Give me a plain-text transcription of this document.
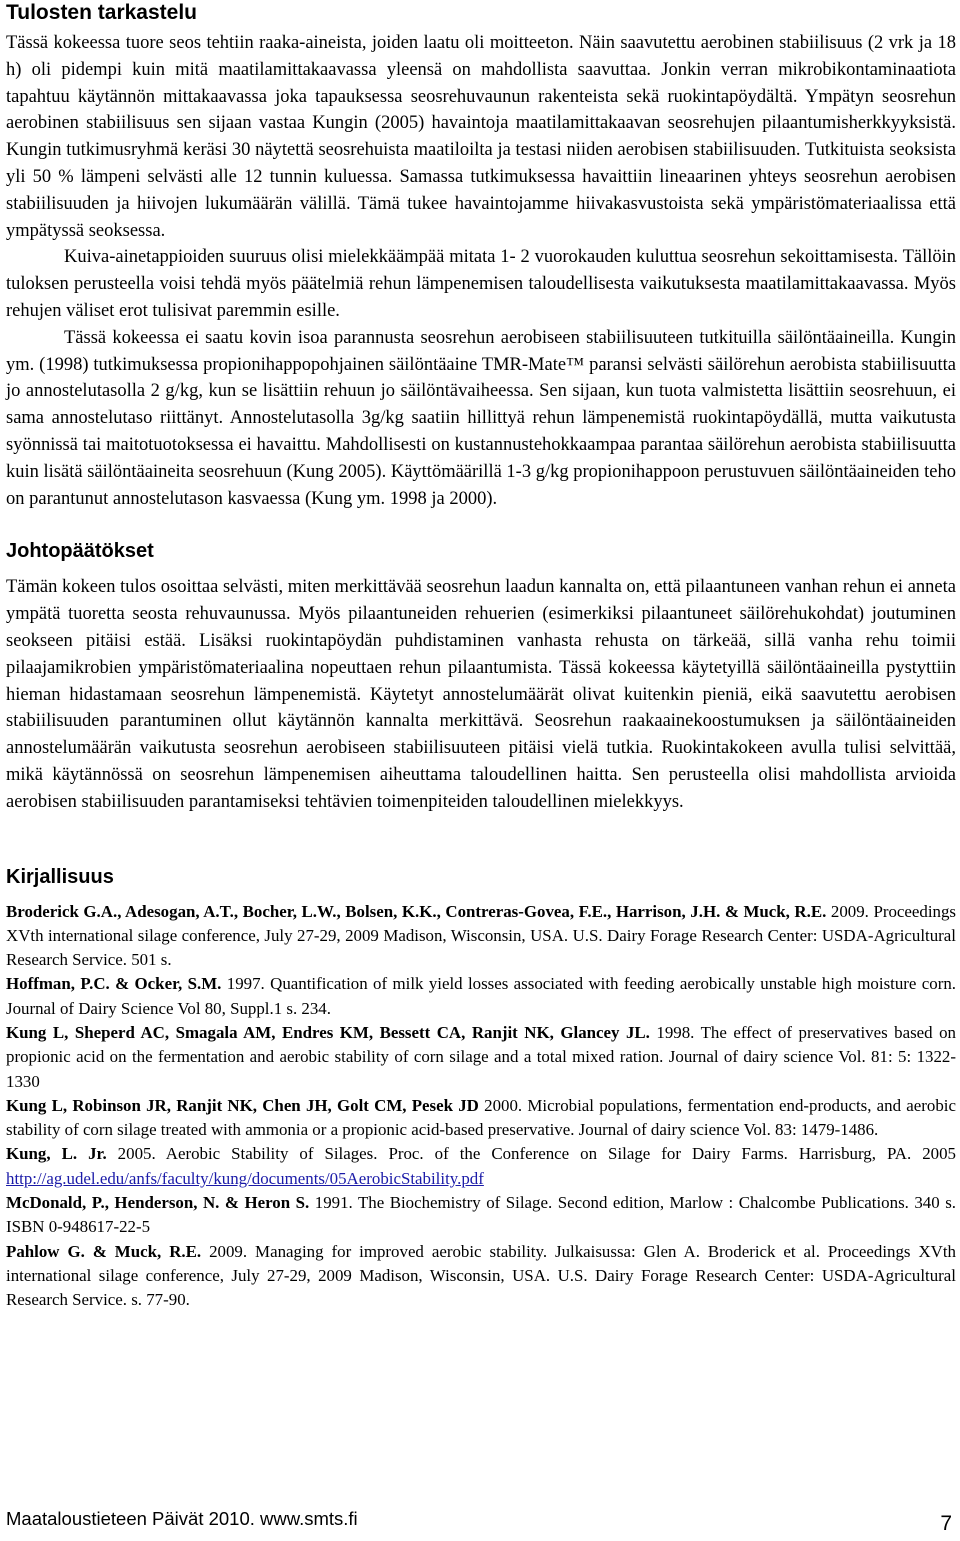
Tulosten tarkastelu

Tässä kokeessa tuore seos tehtiin raaka-aineista, joiden laatu oli moitteeton. Näin saavutettu aerobinen stabiilisuus (2 vrk ja 18 h) oli pidempi kuin mitä maatilamittakaavassa yleensä on mahdollista saavuttaa. Jonkin verran mikrobikontaminaatiota tapahtuu käytännön mittakaavassa joka tapauksessa seosrehuvaunun rakenteista sekä ruokintapöydältä. Ympätyn seosrehun aerobinen stabiilisuus sen sijaan vastaa Kungin (2005) havaintoja maatilamittakaavan seosrehujen pilaantumisherkkyyksistä. Kungin tutkimusryhmä keräsi 30 näytettä seosrehuista maatiloilta ja testasi niiden aerobisen stabiilisuuden. Tutkituista seoksista yli 50 % lämpeni selvästi alle 12 tunnin kuluessa. Samassa tutkimuksessa havaittiin lineaarinen yhteys seosrehun aerobisen stabiilisuuden ja hiivojen lukumäärän välillä. Tämä tukee havaintojamme hiivakasvustoista sekä ympäristömateriaalissa että ympätyssä seoksessa.

Kuiva-ainetappioiden suuruus olisi mielekkäämpää mitata 1- 2 vuorokauden kuluttua seosrehun sekoittamisesta. Tällöin tuloksen perusteella voisi tehdä myös päätelmiä rehun lämpenemisen taloudellisesta vaikutuksesta maatilamittakaavassa. Myös rehujen väliset erot tulisivat paremmin esille.

Tässä kokeessa ei saatu kovin isoa parannusta seosrehun aerobiseen stabiilisuuteen tutkituilla säilöntäaineilla. Kungin ym. (1998) tutkimuksessa propionihappopohjainen säilöntäaine TMR-Mate™ paransi selvästi säilörehun aerobista stabiilisuutta jo annostelutasolla 2 g/kg, kun se lisättiin rehuun jo säilöntävaiheessa. Sen sijaan, kun tuota valmistetta lisättiin seosrehuun, ei sama annostelutaso riittänyt. Annostelutasolla 3g/kg saatiin hillittyä rehun lämpenemistä ruokintapöydällä, mutta vaikutusta syönnissä tai maitotuotoksessa ei havaittu. Mahdollisesti on kustannustehokkaampaa parantaa säilörehun aerobista stabiilisuutta kuin lisätä säilöntäaineita seosrehuun (Kung 2005). Käyttömäärillä 1-3 g/kg propionihappoon perustuvuen säilöntäaineiden teho on parantunut annostelutason kasvaessa (Kung ym. 1998 ja 2000).

Johtopäätökset

Tämän kokeen tulos osoittaa selvästi, miten merkittävää seosrehun laadun kannalta on, että pilaantuneen vanhan rehun ei anneta ympätä tuoretta seosta rehuvaunussa. Myös pilaantuneiden rehuerien (esimerkiksi pilaantuneet säilörehukohdat) joutuminen seokseen pitäisi estää. Lisäksi ruokintapöydän puhdistaminen vanhasta rehusta on tärkeää, sillä vanha rehu toimii pilaajamikrobien ympäristömateriaalina nopeuttaen rehun pilaantumista. Tässä kokeessa käytetyillä säilöntäaineilla pystyttiin hieman hidastamaan seosrehun lämpenemistä. Käytetyt annostelumäärät olivat kuitenkin pieniä, eikä saavutettu aerobisen stabiilisuuden parantuminen ollut käytännön kannalta merkittävä. Seosrehun raakaainekoostumuksen ja säilöntäaineiden annostelumäärän vaikutusta seosrehun aerobiseen stabiilisuuteen pitäisi vielä tutkia. Ruokintakokeen avulla tulisi selvittää, mikä käytännössä on seosrehun lämpenemisen aiheuttama taloudellinen haitta. Sen perusteella olisi mahdollista arvioida aerobisen stabiilisuuden parantamiseksi tehtävien toimenpiteiden taloudellinen mielekkyys.

Kirjallisuus

Broderick G.A., Adesogan, A.T., Bocher, L.W., Bolsen, K.K., Contreras-Govea, F.E., Harrison, J.H. & Muck, R.E. 2009. Proceedings XVth international silage conference, July 27-29, 2009 Madison, Wisconsin, USA. U.S. Dairy Forage Research Center: USDA-Agricultural Research Service. 501 s.

Hoffman, P.C. & Ocker, S.M. 1997. Quantification of milk yield losses associated with feeding aerobically unstable high moisture corn. Journal of Dairy Science Vol 80, Suppl.1 s. 234.

Kung L, Sheperd AC, Smagala AM, Endres KM, Bessett CA, Ranjit NK, Glancey JL. 1998. The effect of preservatives based on propionic acid on the fermentation and aerobic stability of corn silage and a total mixed ration. Journal of dairy science Vol. 81: 5: 1322-1330

Kung L, Robinson JR, Ranjit NK, Chen JH, Golt CM, Pesek JD 2000. Microbial populations, fermentation end-products, and aerobic stability of corn silage treated with ammonia or a propionic acid-based preservative. Journal of dairy science Vol. 83: 1479-1486.

Kung, L. Jr. 2005. Aerobic Stability of Silages. Proc. of the Conference on Silage for Dairy Farms. Harrisburg, PA. 2005 http://ag.udel.edu/anfs/faculty/kung/documents/05AerobicStability.pdf

McDonald, P., Henderson, N. & Heron S. 1991. The Biochemistry of Silage. Second edition, Marlow : Chalcombe Publications. 340 s. ISBN 0-948617-22-5

Pahlow G. & Muck, R.E. 2009. Managing for improved aerobic stability. Julkaisussa: Glen A. Broderick et al. Proceedings XVth international silage conference, July 27-29, 2009 Madison, Wisconsin, USA. U.S. Dairy Forage Research Center: USDA-Agricultural Research Service. s. 77-90.

Maataloustieteen Päivät 2010. www.smts.fi	7
